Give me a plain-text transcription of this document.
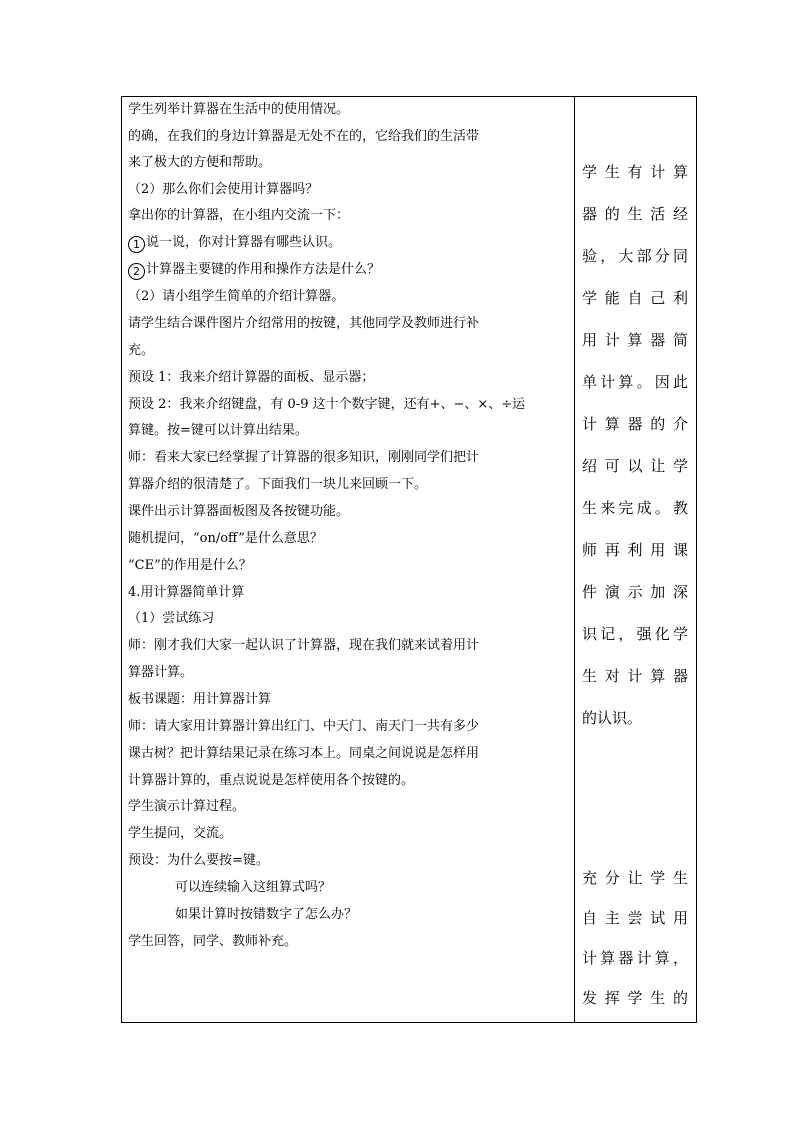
学生列举计算器在生活中的使用情况。
的确，在我们的身边计算器是无处不在的，它给我们的生活带
来了极大的方便和帮助。
（2）那么你们会使用计算器吗？
拿出你的计算器，在小组内交流一下：
1 说一说，你对计算器有哪些认识。
2 计算器主要键的作用和操作方法是什么？
（2）请小组学生简单的介绍计算器。
请学生结合课件图片介绍常用的按键，其他同学及教师进行补
充。
预设 1：我来介绍计算器的面板、显示器；
预设 2：我来介绍键盘，有 0-9 这十个数字键，还有+、−、×、÷运
算键。按=键可以计算出结果。
师：看来大家已经掌握了计算器的很多知识，刚刚同学们把计
算器介绍的很清楚了。下面我们一块儿来回顾一下。
课件出示计算器面板图及各按键功能。
随机提问，“on/off”是什么意思？
“CE”的作用是什么？
4.用计算器简单计算
（1）尝试练习
师：刚才我们大家一起认识了计算器，现在我们就来试着用计
算器计算。
板书课题：用计算器计算
师：请大家用计算器计算出红门、中天门、南天门一共有多少
课古树？把计算结果记录在练习本上。同桌之间说说是怎样用
计算器计算的，重点说说是怎样使用各个按键的。
学生演示计算过程。
学生提问，交流。
预设：为什么要按=键。
可以连续输入这组算式吗？
如果计算时按错数字了怎么办？
学生回答，同学、教师补充。
学生有计算
器的生活经
验，大部分同
学能自己利
用计算器简
单计算。因此
计算器的介
绍可以让学
生来完成。教
师再利用课
件演示加深
识记，强化学
生对计算器
的认识。
充分让学生
自主尝试用
计算器计算，
发挥学生的
